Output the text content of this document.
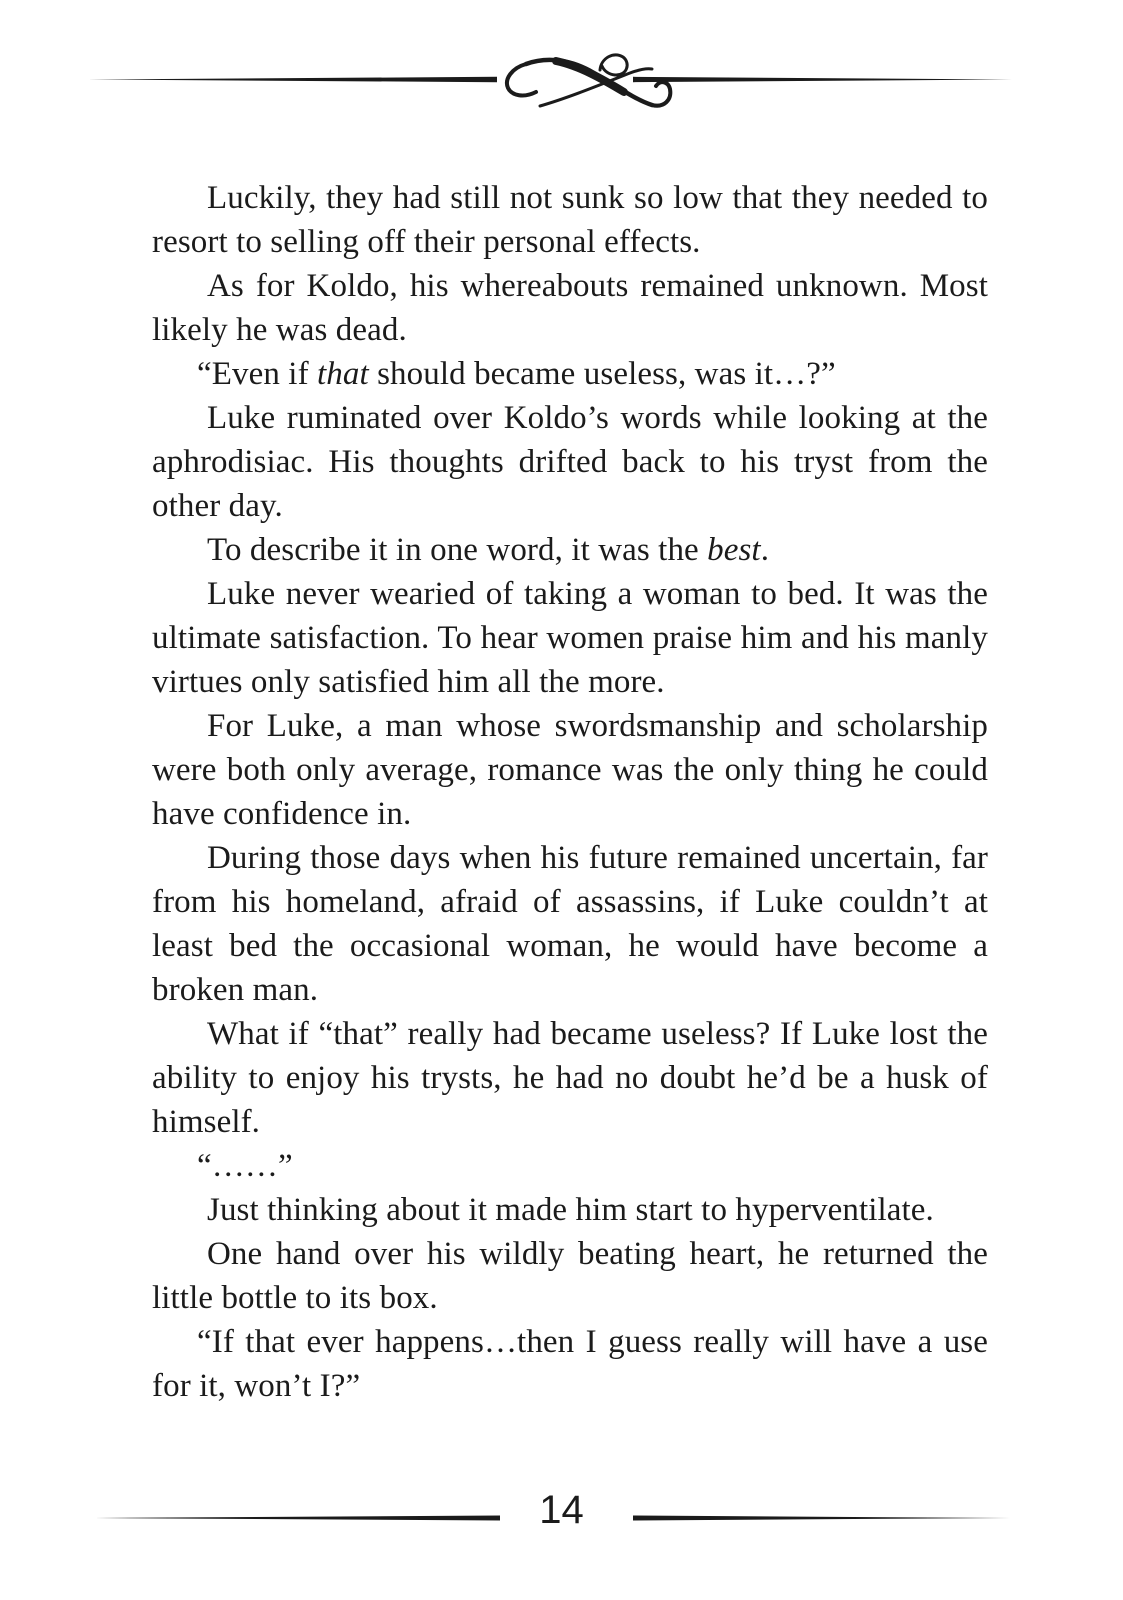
Luckily, they had still not sunk so low that they needed to resort to selling off their personal effects.

As for Koldo, his whereabouts remained unknown. Most likely he was dead.

“Even if that should became useless, was it…?”

Luke ruminated over Koldo’s words while looking at the aphrodisiac. His thoughts drifted back to his tryst from the other day.

To describe it in one word, it was the best.

Luke never wearied of taking a woman to bed. It was the ultimate satisfaction. To hear women praise him and his manly virtues only satisfied him all the more.

For Luke, a man whose swordsmanship and scholarship were both only average, romance was the only thing he could have confidence in.

During those days when his future remained uncertain, far from his homeland, afraid of assassins, if Luke couldn’t at least bed the occasional woman, he would have become a broken man.

What if “that” really had became useless? If Luke lost the ability to enjoy his trysts, he had no doubt he’d be a husk of himself.

“……”

Just thinking about it made him start to hyperventilate.

One hand over his wildly beating heart, he returned the little bottle to its box.

“If that ever happens…then I guess really will have a use for it, won’t I?”

14
